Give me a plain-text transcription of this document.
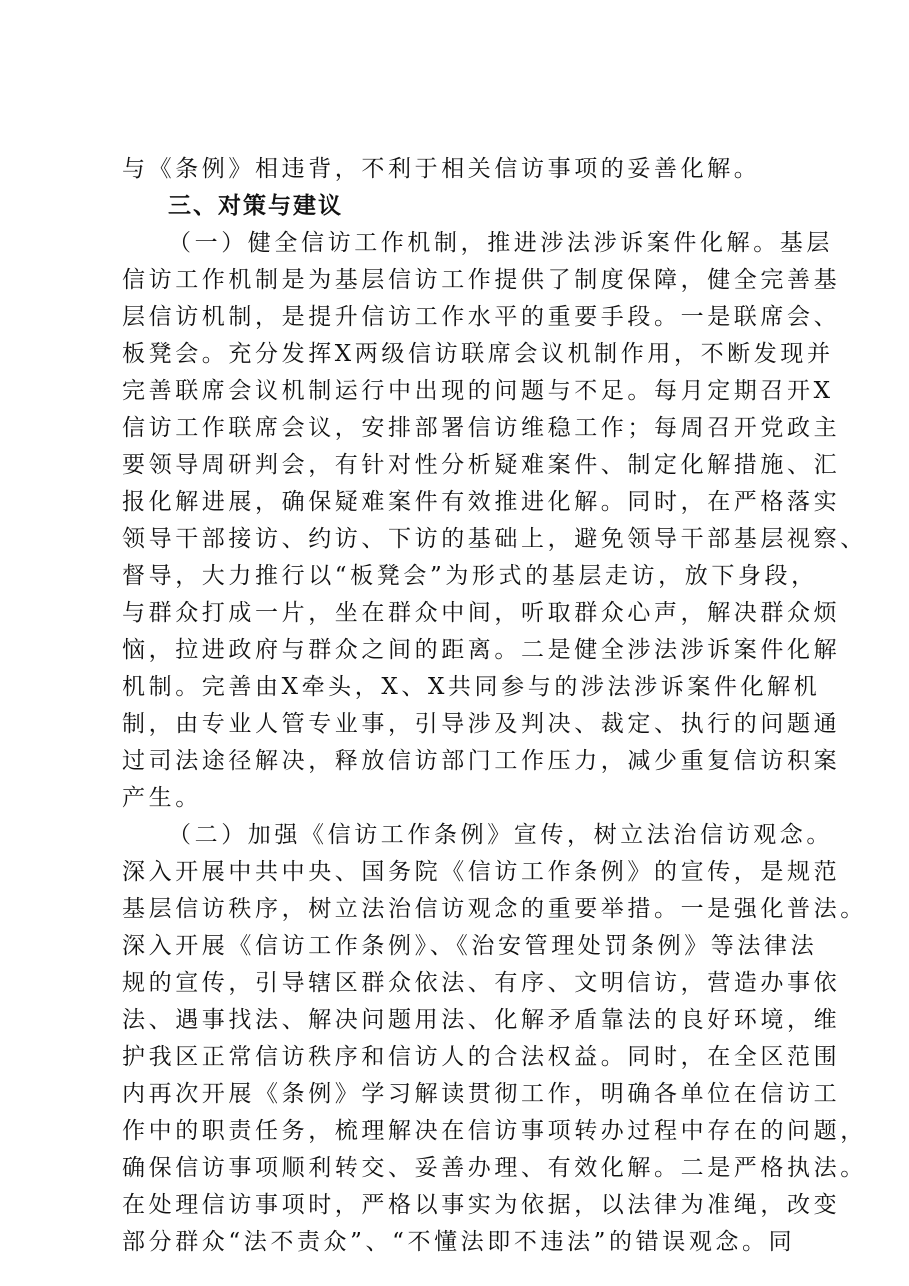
与《条例》相违背，不利于相关信访事项的妥善化解。
三、对策与建议
（一）健全信访工作机制，推进涉法涉诉案件化解。基层
信访工作机制是为基层信访工作提供了制度保障，健全完善基
层信访机制，是提升信访工作水平的重要手段。一是联席会、
板凳会。充分发挥X两级信访联席会议机制作用，不断发现并
完善联席会议机制运行中出现的问题与不足。每月定期召开X
信访工作联席会议，安排部署信访维稳工作；每周召开党政主
要领导周研判会，有针对性分析疑难案件、制定化解措施、汇
报化解进展，确保疑难案件有效推进化解。同时，在严格落实
领导干部接访、约访、下访的基础上，避免领导干部基层视察、
督导，大力推行以“板凳会”为形式的基层走访，放下身段，
与群众打成一片，坐在群众中间，听取群众心声，解决群众烦
恼，拉进政府与群众之间的距离。二是健全涉法涉诉案件化解
机制。完善由X牵头，X、X共同参与的涉法涉诉案件化解机
制，由专业人管专业事，引导涉及判决、裁定、执行的问题通
过司法途径解决，释放信访部门工作压力，减少重复信访积案
产生。
（二）加强《信访工作条例》宣传，树立法治信访观念。
深入开展中共中央、国务院《信访工作条例》的宣传，是规范
基层信访秩序，树立法治信访观念的重要举措。一是强化普法。
深入开展《信访工作条例》、《治安管理处罚条例》等法律法
规的宣传，引导辖区群众依法、有序、文明信访，营造办事依
法、遇事找法、解决问题用法、化解矛盾靠法的良好环境，维
护我区正常信访秩序和信访人的合法权益。同时，在全区范围
内再次开展《条例》学习解读贯彻工作，明确各单位在信访工
作中的职责任务，梳理解决在信访事项转办过程中存在的问题，
确保信访事项顺利转交、妥善办理、有效化解。二是严格执法。
在处理信访事项时，严格以事实为依据，以法律为准绳，改变
部分群众“法不责众”、“不懂法即不违法”的错误观念。同
